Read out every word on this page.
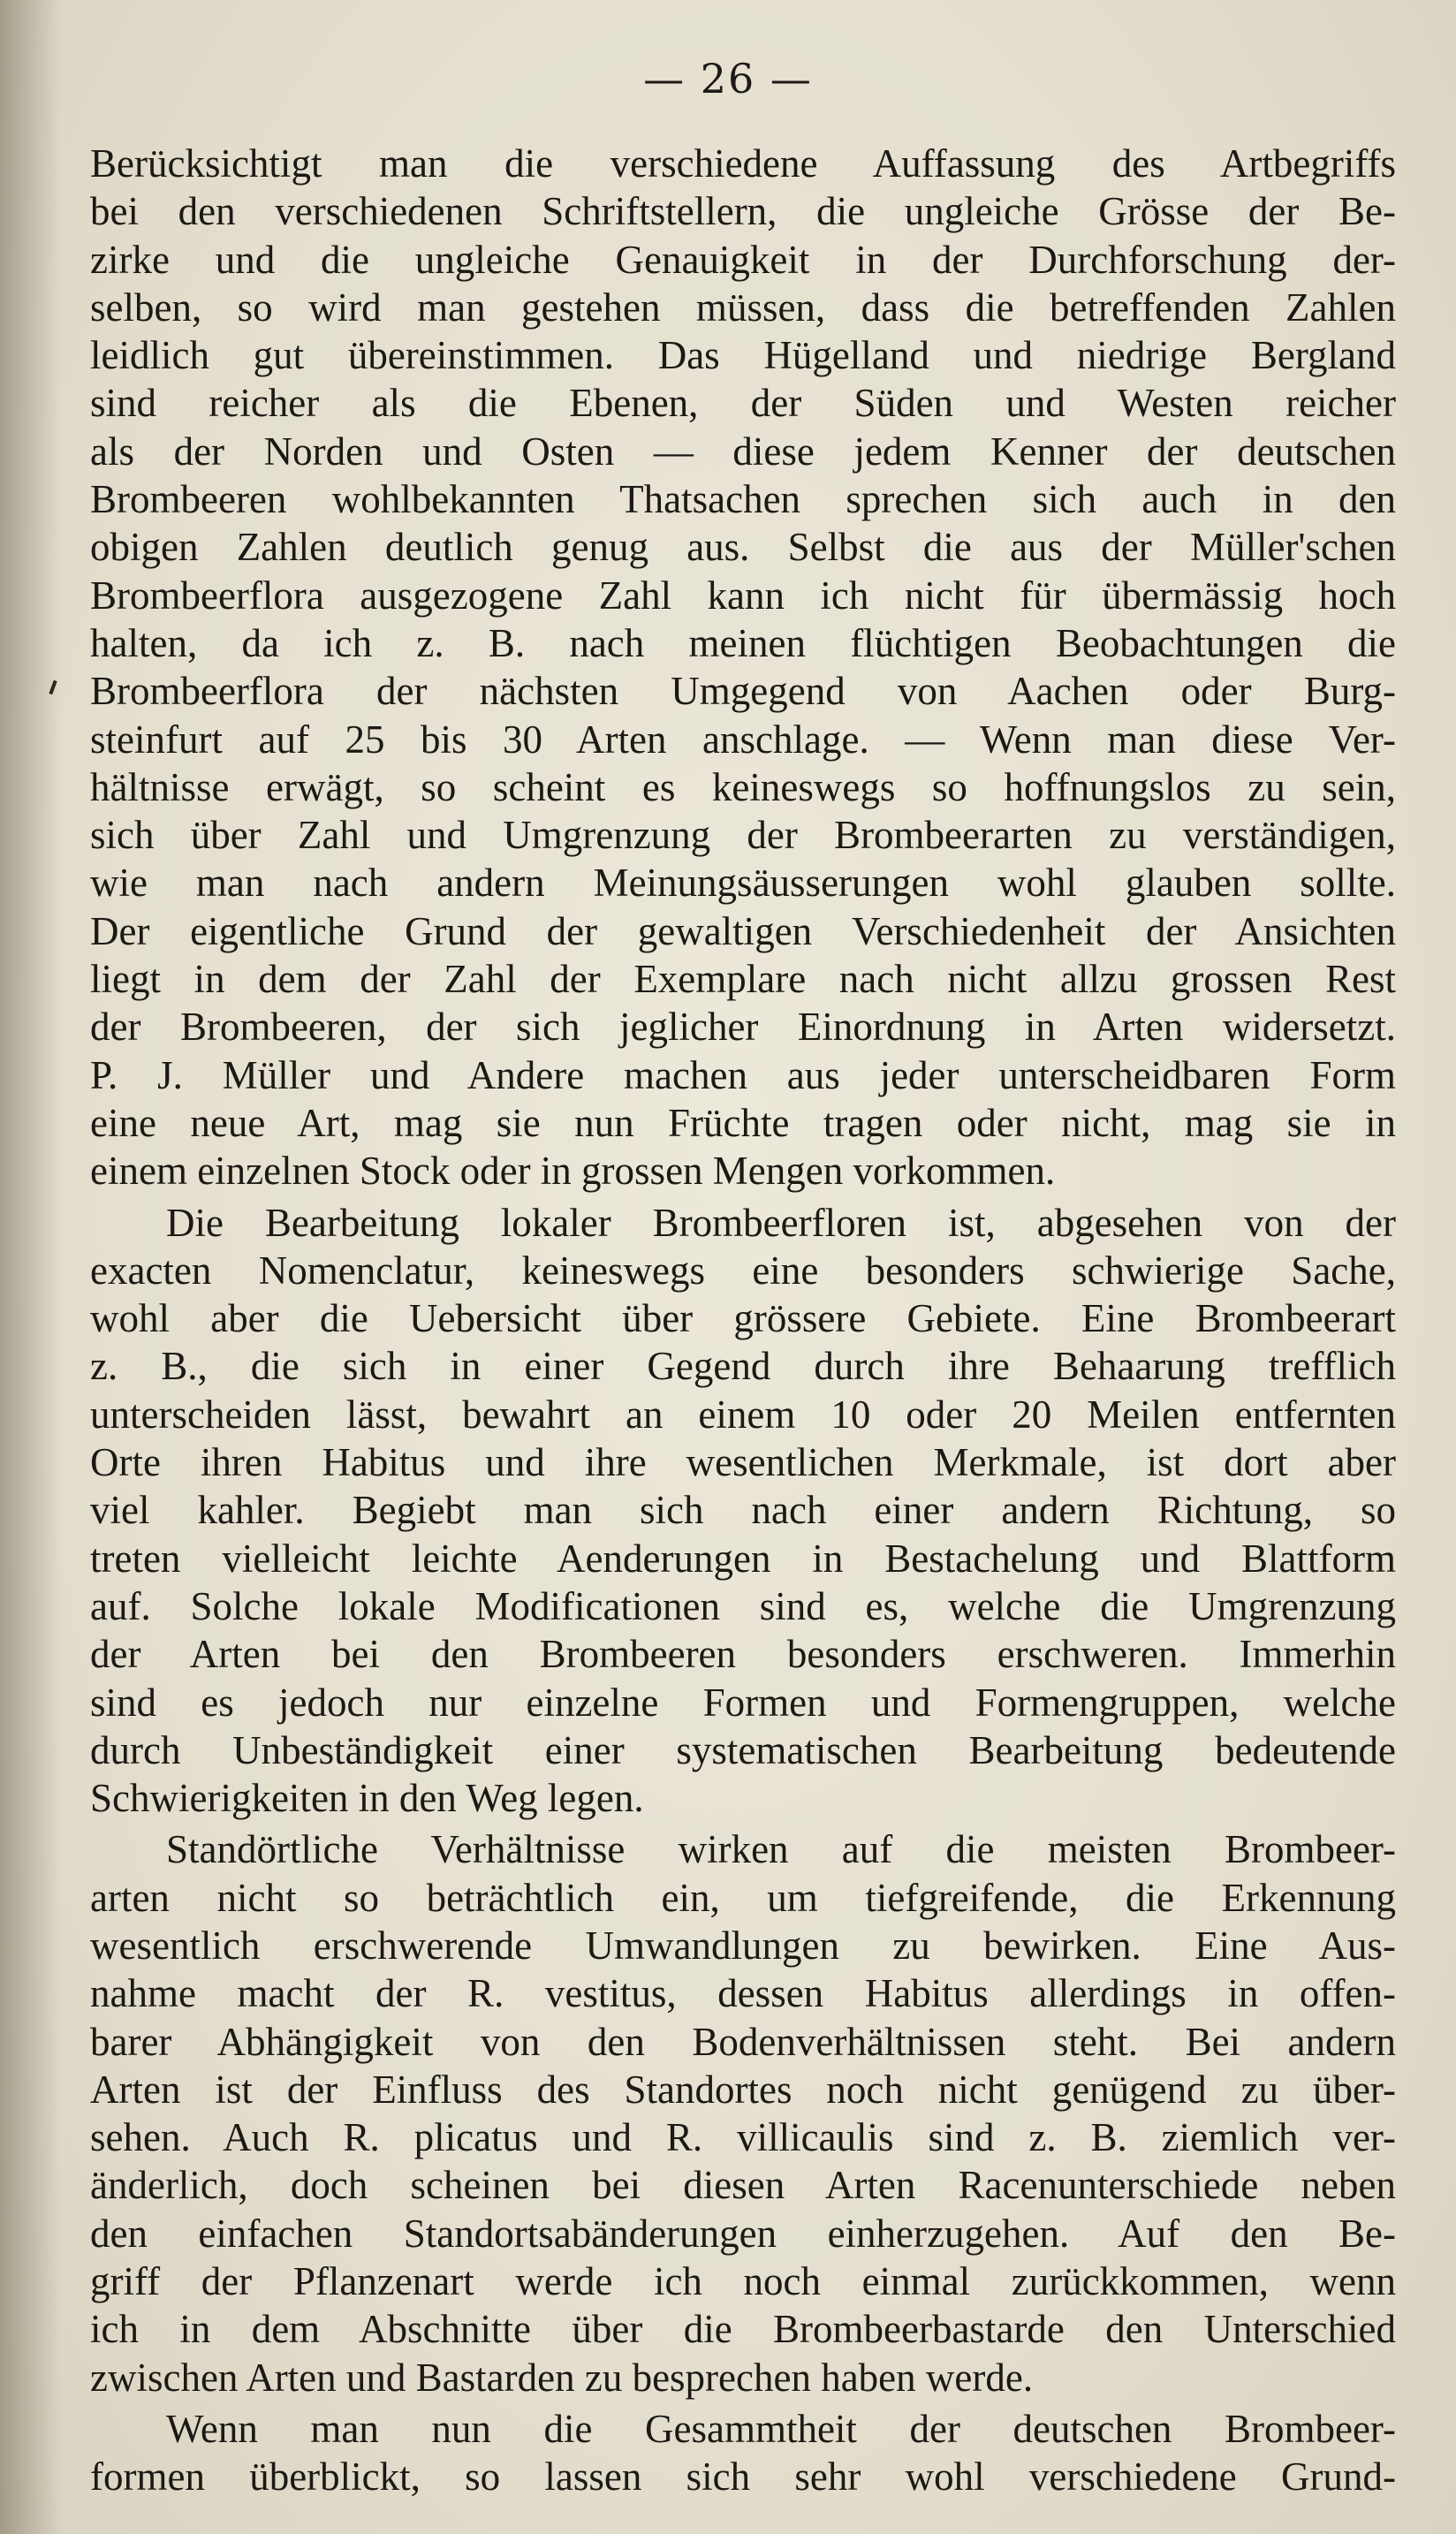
— 26 —
Berücksichtigt man die verschiedene Auffassung des Artbegriffs
bei den verschiedenen Schriftstellern, die ungleiche Grösse der Be-
zirke und die ungleiche Genauigkeit in der Durchforschung der-
selben, so wird man gestehen müssen, dass die betreffenden Zahlen
leidlich gut übereinstimmen. Das Hügelland und niedrige Bergland
sind reicher als die Ebenen, der Süden und Westen reicher
als der Norden und Osten — diese jedem Kenner der deutschen
Brombeeren wohlbekannten Thatsachen sprechen sich auch in den
obigen Zahlen deutlich genug aus. Selbst die aus der Müller'schen
Brombeerflora ausgezogene Zahl kann ich nicht für übermässig hoch
halten, da ich z. B. nach meinen flüchtigen Beobachtungen die
Brombeerflora der nächsten Umgegend von Aachen oder Burg-
steinfurt auf 25 bis 30 Arten anschlage. — Wenn man diese Ver-
hältnisse erwägt, so scheint es keineswegs so hoffnungslos zu sein,
sich über Zahl und Umgrenzung der Brombeerarten zu verständigen,
wie man nach andern Meinungsäusserungen wohl glauben sollte.
Der eigentliche Grund der gewaltigen Verschiedenheit der Ansichten
liegt in dem der Zahl der Exemplare nach nicht allzu grossen Rest
der Brombeeren, der sich jeglicher Einordnung in Arten widersetzt.
P. J. Müller und Andere machen aus jeder unterscheidbaren Form
eine neue Art, mag sie nun Früchte tragen oder nicht, mag sie in
einem einzelnen Stock oder in grossen Mengen vorkommen.
Die Bearbeitung lokaler Brombeerfloren ist, abgesehen von der
exacten Nomenclatur, keineswegs eine besonders schwierige Sache,
wohl aber die Uebersicht über grössere Gebiete. Eine Brombeerart
z. B., die sich in einer Gegend durch ihre Behaarung trefflich
unterscheiden lässt, bewahrt an einem 10 oder 20 Meilen entfernten
Orte ihren Habitus und ihre wesentlichen Merkmale, ist dort aber
viel kahler. Begiebt man sich nach einer andern Richtung, so
treten vielleicht leichte Aenderungen in Bestachelung und Blattform
auf. Solche lokale Modificationen sind es, welche die Umgrenzung
der Arten bei den Brombeeren besonders erschweren. Immerhin
sind es jedoch nur einzelne Formen und Formengruppen, welche
durch Unbeständigkeit einer systematischen Bearbeitung bedeutende
Schwierigkeiten in den Weg legen.
Standörtliche Verhältnisse wirken auf die meisten Brombeer-
arten nicht so beträchtlich ein, um tiefgreifende, die Erkennung
wesentlich erschwerende Umwandlungen zu bewirken. Eine Aus-
nahme macht der R. vestitus, dessen Habitus allerdings in offen-
barer Abhängigkeit von den Bodenverhältnissen steht. Bei andern
Arten ist der Einfluss des Standortes noch nicht genügend zu über-
sehen. Auch R. plicatus und R. villicaulis sind z. B. ziemlich ver-
änderlich, doch scheinen bei diesen Arten Racenunterschiede neben
den einfachen Standortsabänderungen einherzugehen. Auf den Be-
griff der Pflanzenart werde ich noch einmal zurückkommen, wenn
ich in dem Abschnitte über die Brombeerbastarde den Unterschied
zwischen Arten und Bastarden zu besprechen haben werde.
Wenn man nun die Gesammtheit der deutschen Brombeer-
formen überblickt, so lassen sich sehr wohl verschiedene Grund-
